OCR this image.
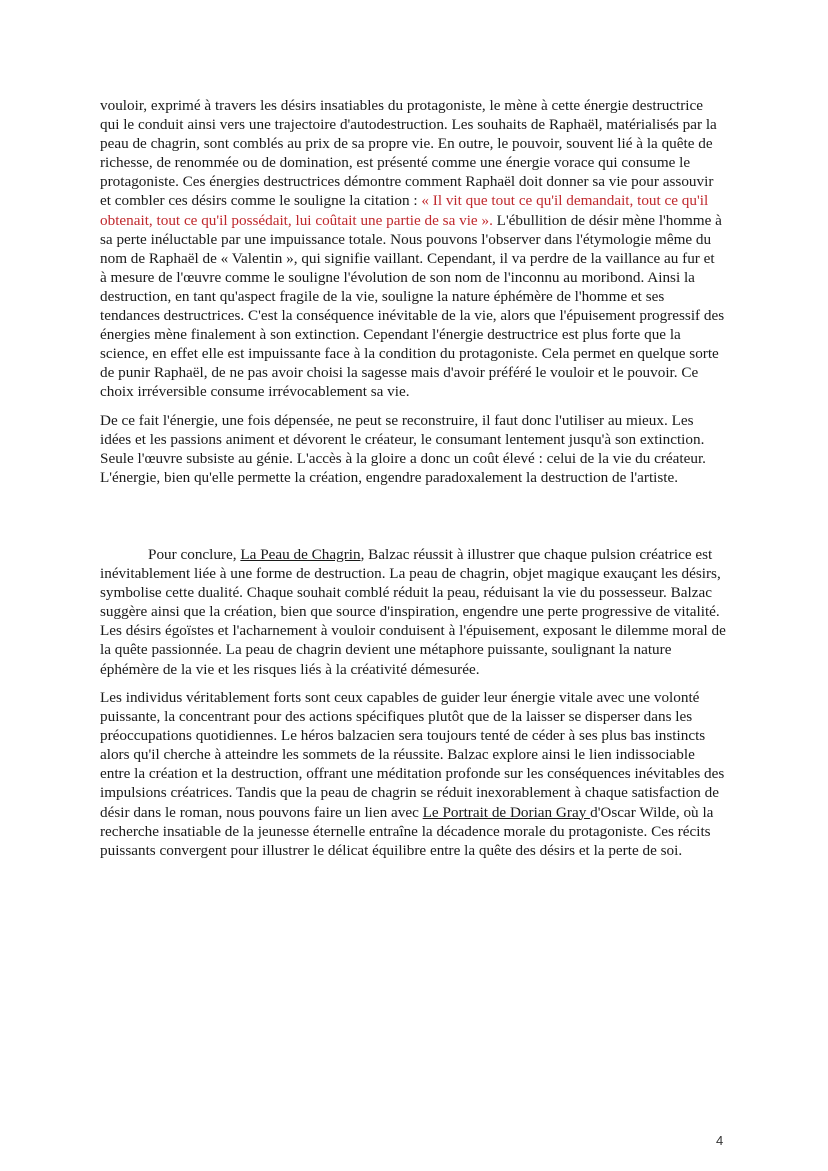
vouloir, exprimé à travers les désirs insatiables du protagoniste, le mène à cette énergie destructrice
qui le conduit ainsi vers une trajectoire d'autodestruction. Les souhaits de Raphaël, matérialisés par la
peau de chagrin, sont comblés au prix de sa propre vie. En outre, le pouvoir, souvent lié à la quête de
richesse, de renommée ou de domination, est présenté comme une énergie vorace qui consume le
protagoniste. Ces énergies destructrices démontre comment Raphaël doit donner sa vie pour assouvir
et combler ces désirs comme le souligne la citation : « Il vit que tout ce qu'il demandait, tout ce qu'il
obtenait, tout ce qu'il possédait, lui coûtait une partie de sa vie ». L'ébullition de désir mène l'homme à
sa perte inéluctable par une impuissance totale. Nous pouvons l'observer dans l'étymologie même du
nom de Raphaël de « Valentin », qui signifie vaillant. Cependant, il va perdre de la vaillance au fur et
à mesure de l'œuvre comme le souligne l'évolution de son nom de l'inconnu au moribond. Ainsi la
destruction, en tant qu'aspect fragile de la vie, souligne la nature éphémère de l'homme et ses
tendances destructrices. C'est la conséquence inévitable de la vie, alors que l'épuisement progressif des
énergies mène finalement à son extinction. Cependant l'énergie destructrice est plus forte que la
science, en effet elle est impuissante face à la condition du protagoniste. Cela permet en quelque sorte
de punir Raphaël, de ne pas avoir choisi la sagesse mais d'avoir préféré le vouloir et le pouvoir. Ce
choix irréversible consume irrévocablement sa vie.
De ce fait l'énergie, une fois dépensée, ne peut se reconstruire, il faut donc l'utiliser au mieux. Les
idées et les passions animent et dévorent le créateur, le consumant lentement jusqu'à son extinction.
Seule l'œuvre subsiste au génie. L'accès à la gloire a donc un coût élevé : celui de la vie du créateur.
L'énergie, bien qu'elle permette la création, engendre paradoxalement la destruction de l'artiste.
Pour conclure, La Peau de Chagrin, Balzac réussit à illustrer que chaque pulsion créatrice est
inévitablement liée à une forme de destruction. La peau de chagrin, objet magique exauçant les désirs,
symbolise cette dualité. Chaque souhait comblé réduit la peau, réduisant la vie du possesseur. Balzac
suggère ainsi que la création, bien que source d'inspiration, engendre une perte progressive de vitalité.
Les désirs égoïstes et l'acharnement à vouloir conduisent à l'épuisement, exposant le dilemme moral de
la quête passionnée. La peau de chagrin devient une métaphore puissante, soulignant la nature
éphémère de la vie et les risques liés à la créativité démesurée.
Les individus véritablement forts sont ceux capables de guider leur énergie vitale avec une volonté
puissante, la concentrant pour des actions spécifiques plutôt que de la laisser se disperser dans les
préoccupations quotidiennes. Le héros balzacien sera toujours tenté de céder à ses plus bas instincts
alors qu'il cherche à atteindre les sommets de la réussite. Balzac explore ainsi le lien indissociable
entre la création et la destruction, offrant une méditation profonde sur les conséquences inévitables des
impulsions créatrices. Tandis que la peau de chagrin se réduit inexorablement à chaque satisfaction de
désir dans le roman, nous pouvons faire un lien avec Le Portrait de Dorian Gray d'Oscar Wilde, où la
recherche insatiable de la jeunesse éternelle entraîne la décadence morale du protagoniste. Ces récits
puissants convergent pour illustrer le délicat équilibre entre la quête des désirs et la perte de soi.
4
